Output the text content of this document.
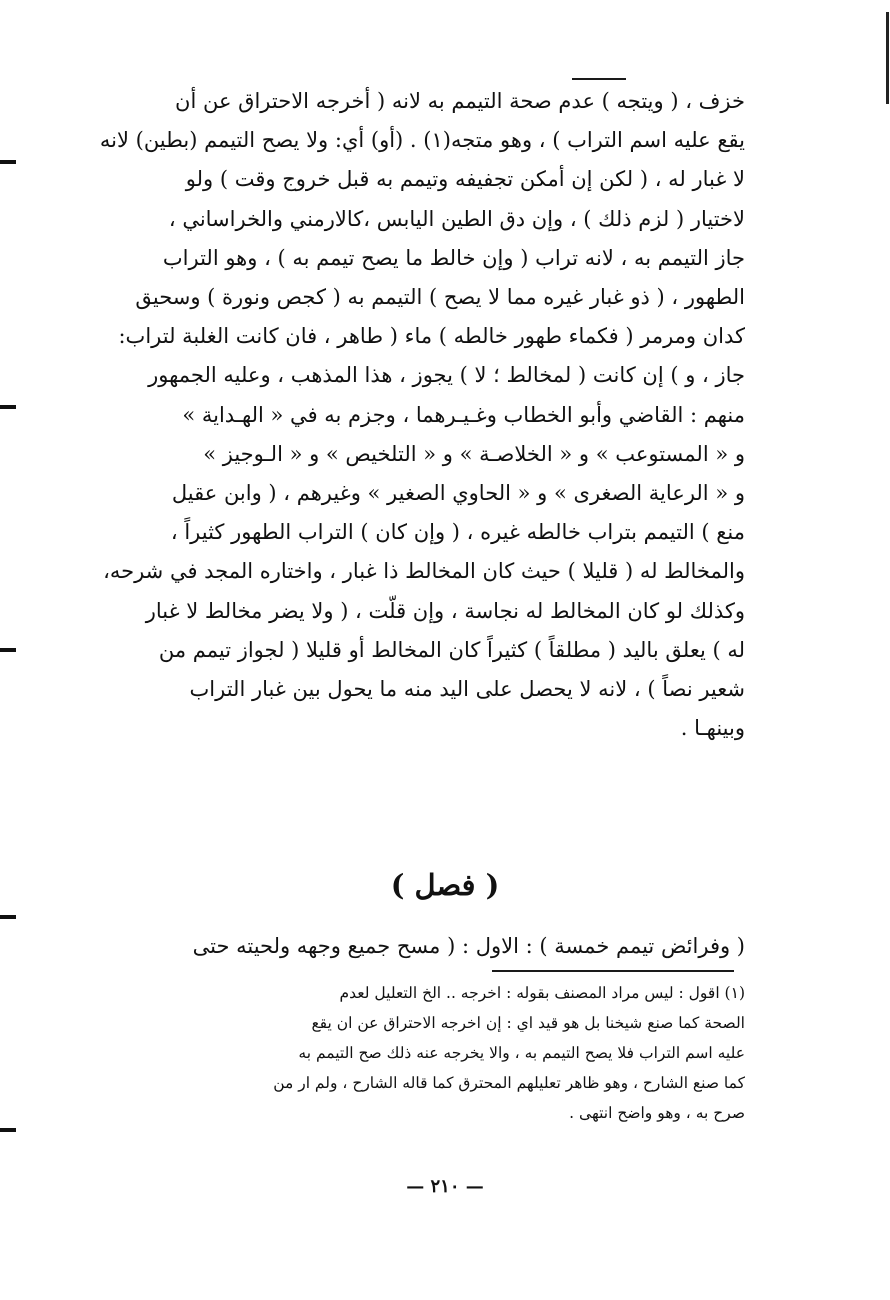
خزف ، ( ويتجه ) عدم صحة التيمم به لانه ( أخرجه الاحتراق عن أن
يقع عليه اسم التراب ) ، وهو متجه(١) . (أو) أي: ولا يصح التيمم (بطين) لانه
لا غبار له ، ( لكن إن أمكن تجفيفه وتيمم به قبل خروج وقت ) ولو
لاختيار ( لزم ذلك ) ، وإن دق الطين اليابس ،كالارمني والخراساني ،
جاز التيمم به ، لانه تراب ( وإن خالط ما يصح تيمم به ) ، وهو التراب
الطهور ، ( ذو غبار غيره مما لا يصح ) التيمم به ( كجص ونورة ) وسحيق
كدان ومرمر ( فكماء طهور خالطه ) ماء ( طاهر ، فان كانت الغلبة لتراب:
جاز ، و ) إن كانت ( لمخالط ؛ لا ) يجوز ، هذا المذهب ، وعليه الجمهور
منهم : القاضي وأبو الخطاب وغـيـرهما ، وجزم به في « الهـداية »
و « المستوعب » و « الخلاصـة » و « التلخيص » و « الـوجيز »
و « الرعاية الصغرى » و « الحاوي الصغير » وغيرهم ، ( وابن عقيل
منع ) التيمم بتراب خالطه غيره ، ( وإن كان ) التراب الطهور كثيراً ،
والمخالط له ( قليلا ) حيث كان المخالط ذا غبار ، واختاره المجد في شرحه،
وكذلك لو كان المخالط له نجاسة ، وإن قلّت ، ( ولا يضر مخالط لا غبار
له ) يعلق باليد ( مطلقاً ) كثيراً كان المخالط أو قليلا ( لجواز تيمم من
شعير نصاً ) ، لانه لا يحصل على اليد منه ما يحول بين غبار التراب
وبينهـا .
( فصل )
( وفرائض تيمم خمسة ) : الاول : ( مسح جميع وجهه ولحيته حتى
(١) اقول : ليس مراد المصنف بقوله : اخرجه .. الخ التعليل لعدم
الصحة كما صنع شيخنا بل هو قيد اي : إن اخرجه الاحتراق عن ان يقع
عليه اسم التراب فلا يصح التيمم به ، والا يخرجه عنه ذلك صح التيمم به
كما صنع الشارح ، وهو ظاهر تعليلهم المحترق كما قاله الشارح ، ولم ار من
صرح به ، وهو واضح انتهى .
— ٢١٠ —
